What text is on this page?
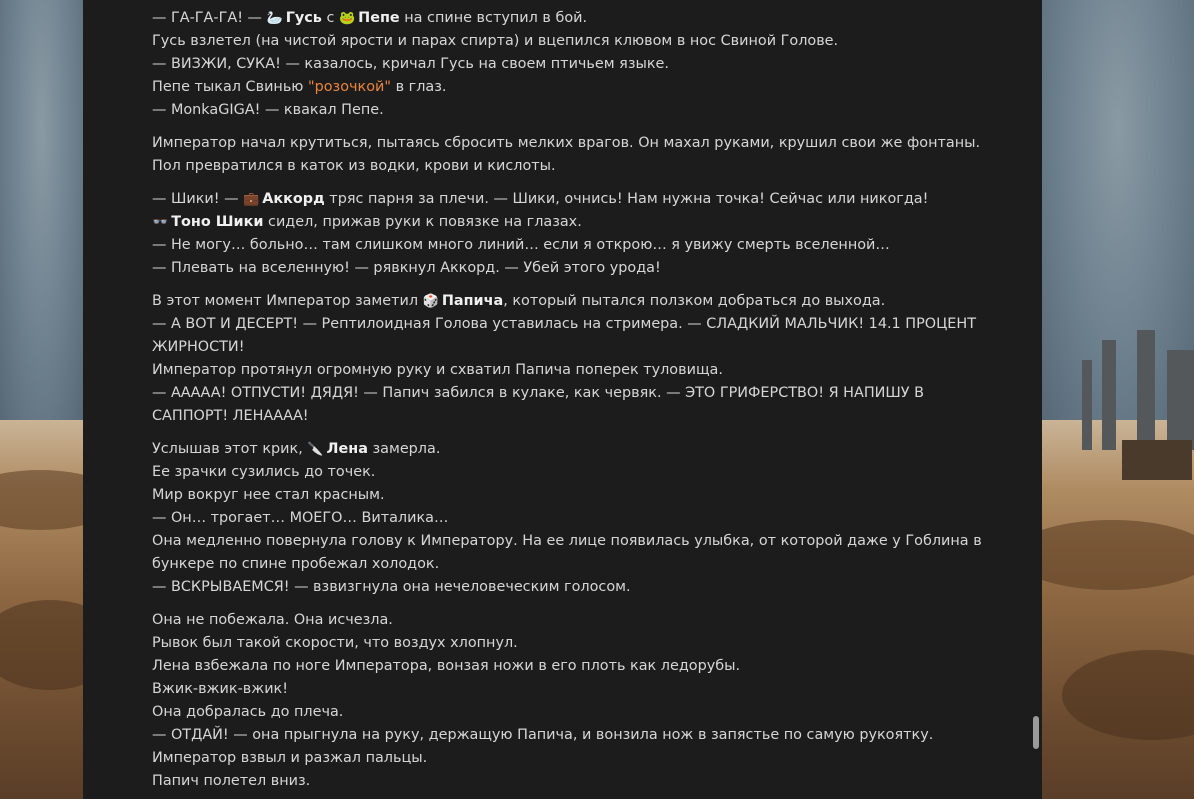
— ГА-ГА-ГА! — 🦢 Гусь с 🐸 Пепе на спине вступил в бой.
Гусь взлетел (на чистой ярости и парах спирта) и вцепился клювом в нос Свиной Голове.
— ВИЗЖИ, СУКА! — казалось, кричал Гусь на своем птичьем языке.
Пепе тыкал Свинью "розочкой" в глаз.
— MonkaGIGA! — квакал Пепе.
Император начал крутиться, пытаясь сбросить мелких врагов. Он махал руками, крушил свои же фонтаны.
Пол превратился в каток из водки, крови и кислоты.
— Шики! — 💼 Аккорд тряс парня за плечи. — Шики, очнись! Нам нужна точка! Сейчас или никогда!
👓 Тоно Шики сидел, прижав руки к повязке на глазах.
— Не могу… больно… там слишком много линий… если я открою… я увижу смерть вселенной…
— Плевать на вселенную! — рявкнул Аккорд. — Убей этого урода!
В этот момент Император заметил 🎲 Папича, который пытался ползком добраться до выхода.
— А ВОТ И ДЕСЕРТ! — Рептилоидная Голова уставилась на стримера. — СЛАДКИЙ МАЛЬЧИК! 14.1 ПРОЦЕНТ ЖИРНОСТИ!
Император протянул огромную руку и схватил Папича поперек туловища.
— АААAA! ОТПУСТИ! ДЯДЯ! — Папич забился в кулаке, как червяк. — ЭТО ГРИФЕРСТВО! Я НАПИШУ В САППОРТ! ЛЕНАААА!
Услышав этот крик, 🔪 Лена замерла.
Ее зрачки сузились до точек.
Мир вокруг нее стал красным.
— Он… трогает… МОЕГО… Виталика…
Она медленно повернула голову к Императору. На ее лице появилась улыбка, от которой даже у Гоблина в бункере по спине пробежал холодок.
— ВСКРЫВАЕМСЯ! — взвизгнула она нечеловеческим голосом.
Она не побежала. Она исчезла.
Рывок был такой скорости, что воздух хлопнул.
Лена взбежала по ноге Императора, вонзая ножи в его плоть как ледорубы.
Вжик-вжик-вжик!
Она добралась до плеча.
— ОТДАЙ! — она прыгнула на руку, держащую Папича, и вонзила нож в запястье по самую рукоятку.
Император взвыл и разжал пальцы.
Папич полетел вниз.
